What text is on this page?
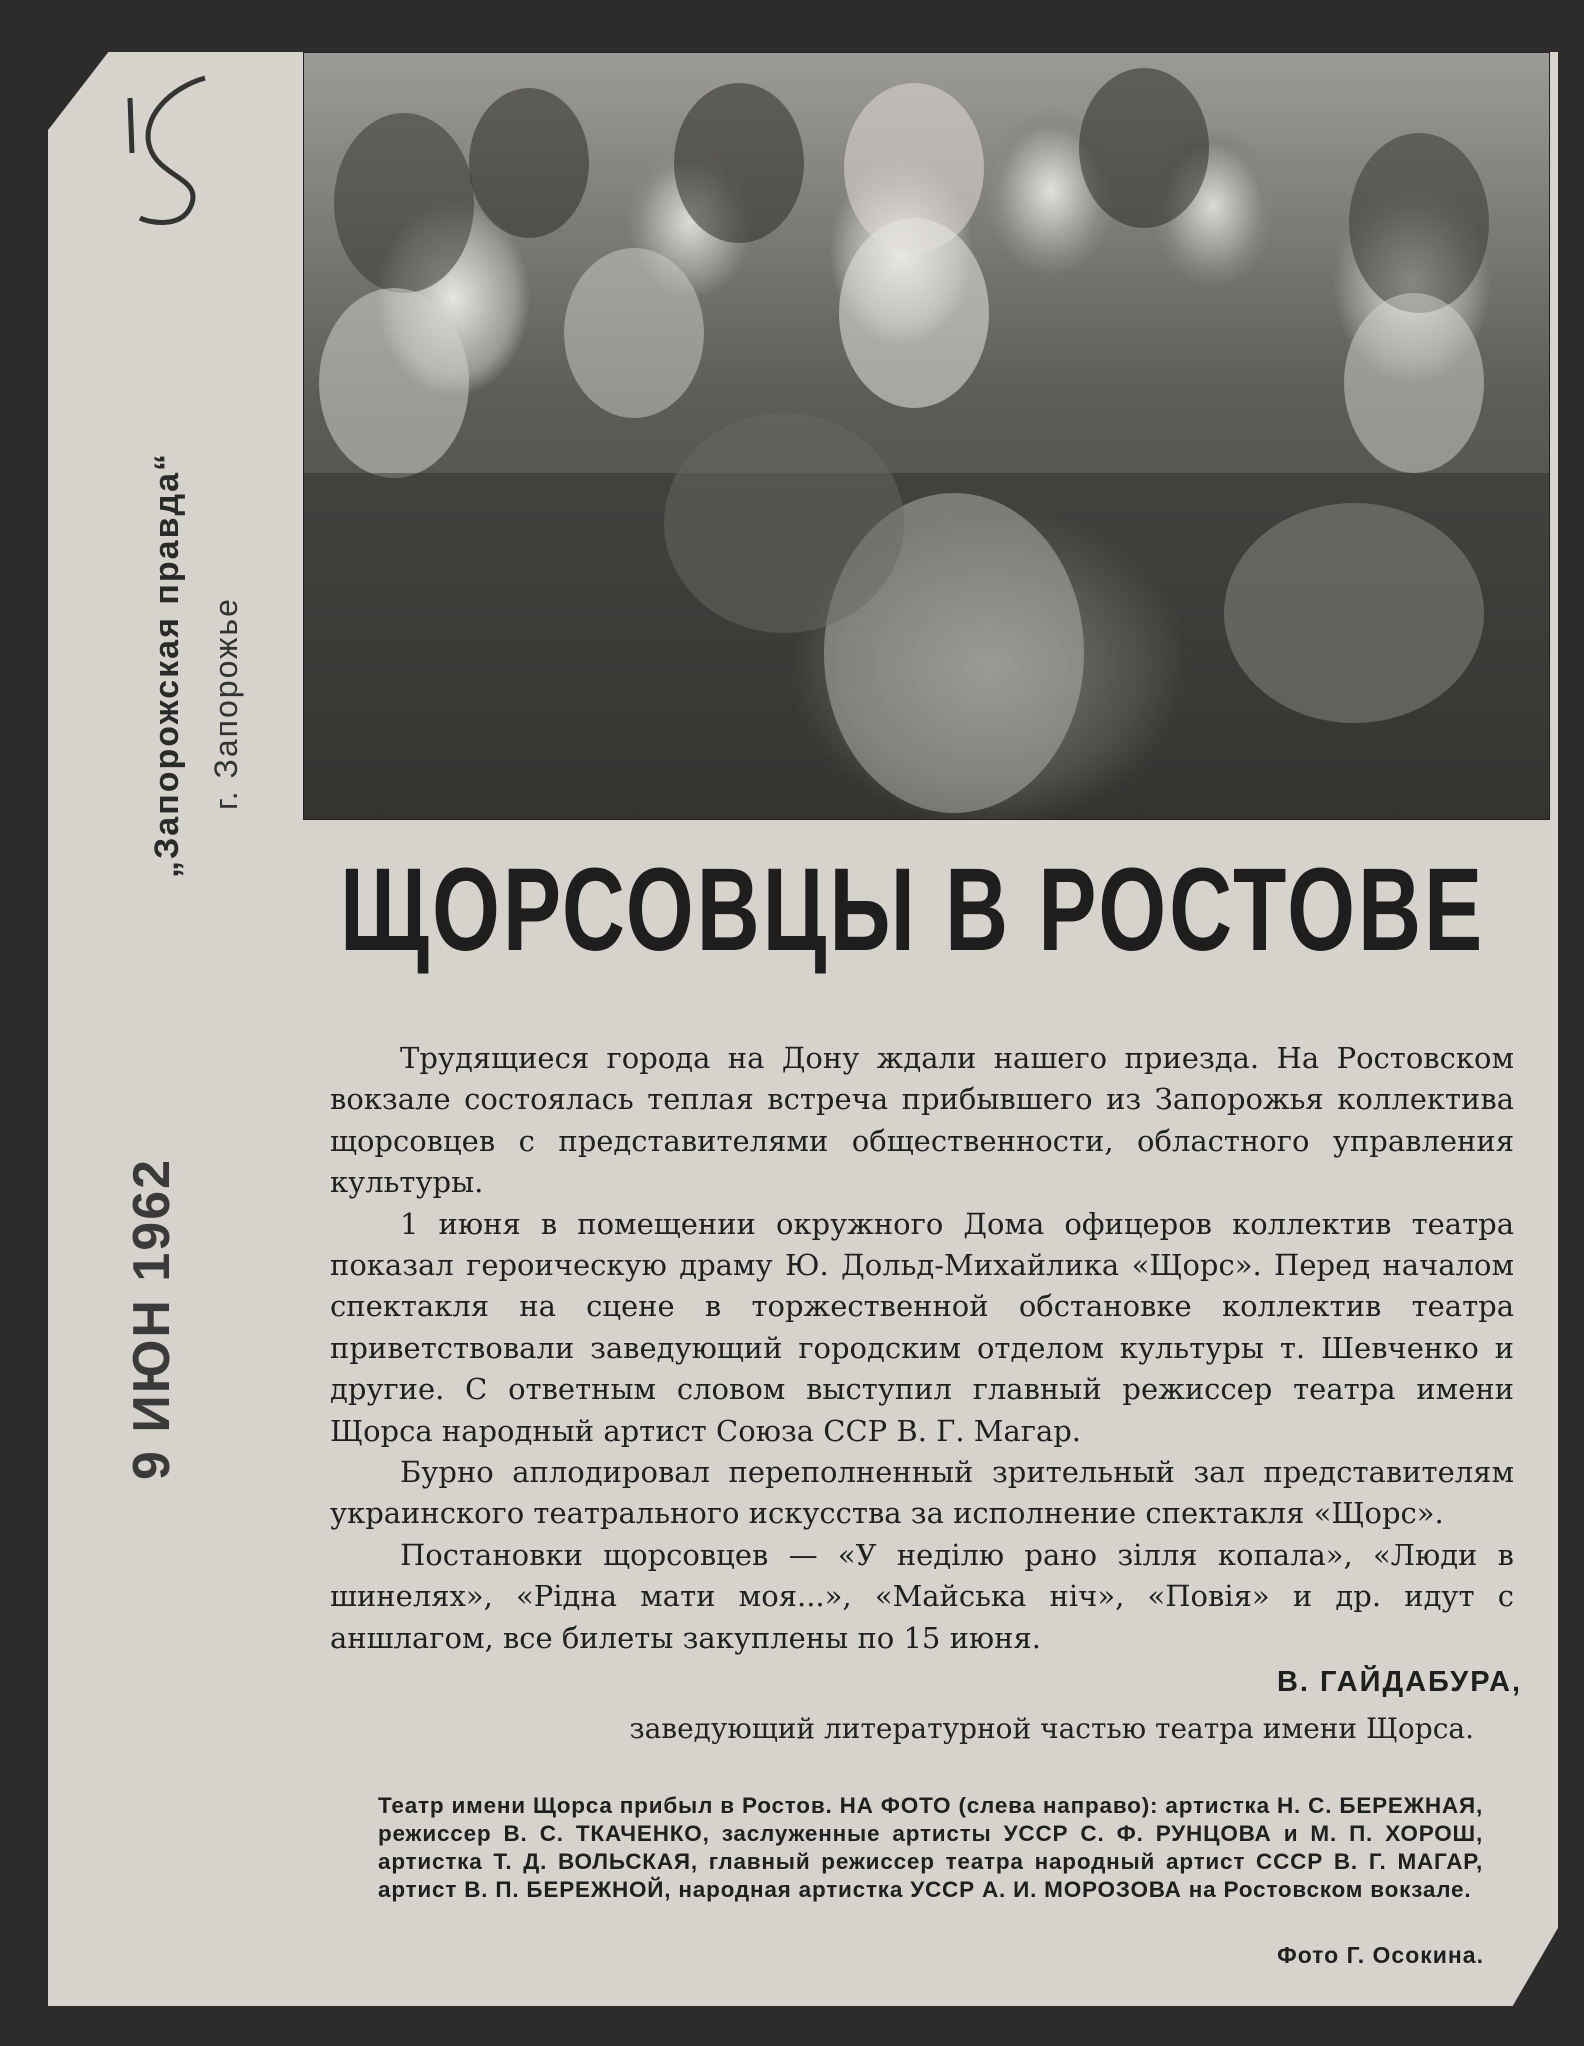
„Запорожская правда“ г. Запорожье
9 ИЮН 1962
ЩОРСОВЦЫ В РОСТОВЕ

Трудящиеся города на Дону ждали нашего приезда. На Ростовском вокзале состоялась теплая встреча прибывшего из Запорожья коллектива щорсовцев с представителями общественности, областного управления культуры.

1 июня в помещении окружного Дома офицеров коллектив театра показал героическую драму Ю. Дольд-Михайлика «Щорс». Перед началом спектакля на сцене в торжественной обстановке коллектив театра приветствовали заведующий городским отделом культуры т. Шевченко и другие. С ответным словом выступил главный режиссер театра имени Щорса народный артист Союза ССР В. Г. Магар.

Бурно аплодировал переполненный зрительный зал представителям украинского театрального искусства за исполнение спектакля «Щорс».

Постановки щорсовцев — «У неділю рано зілля копала», «Люди в шинелях», «Рідна мати моя...», «Майська ніч», «Повія» и др. идут с аншлагом, все билеты закуплены по 15 июня.

В. ГАЙДАБУРА,
заведующий литературной частью театра имени Щорса.
Театр имени Щорса прибыл в Ростов. НА ФОТО (слева направо): артистка Н. С. БЕРЕЖНАЯ, режиссер В. С. ТКАЧЕНКО, заслуженные артисты УССР С. Ф. РУНЦОВА и М. П. ХОРОШ, артистка Т. Д. ВОЛЬСКАЯ, главный режиссер театра народный артист СССР В. Г. МАГАР, артист В. П. БЕРЕЖНОЙ, народная артистка УССР А. И. МОРОЗОВА на Ростовском вокзале.
Фото Г. Осокина.
